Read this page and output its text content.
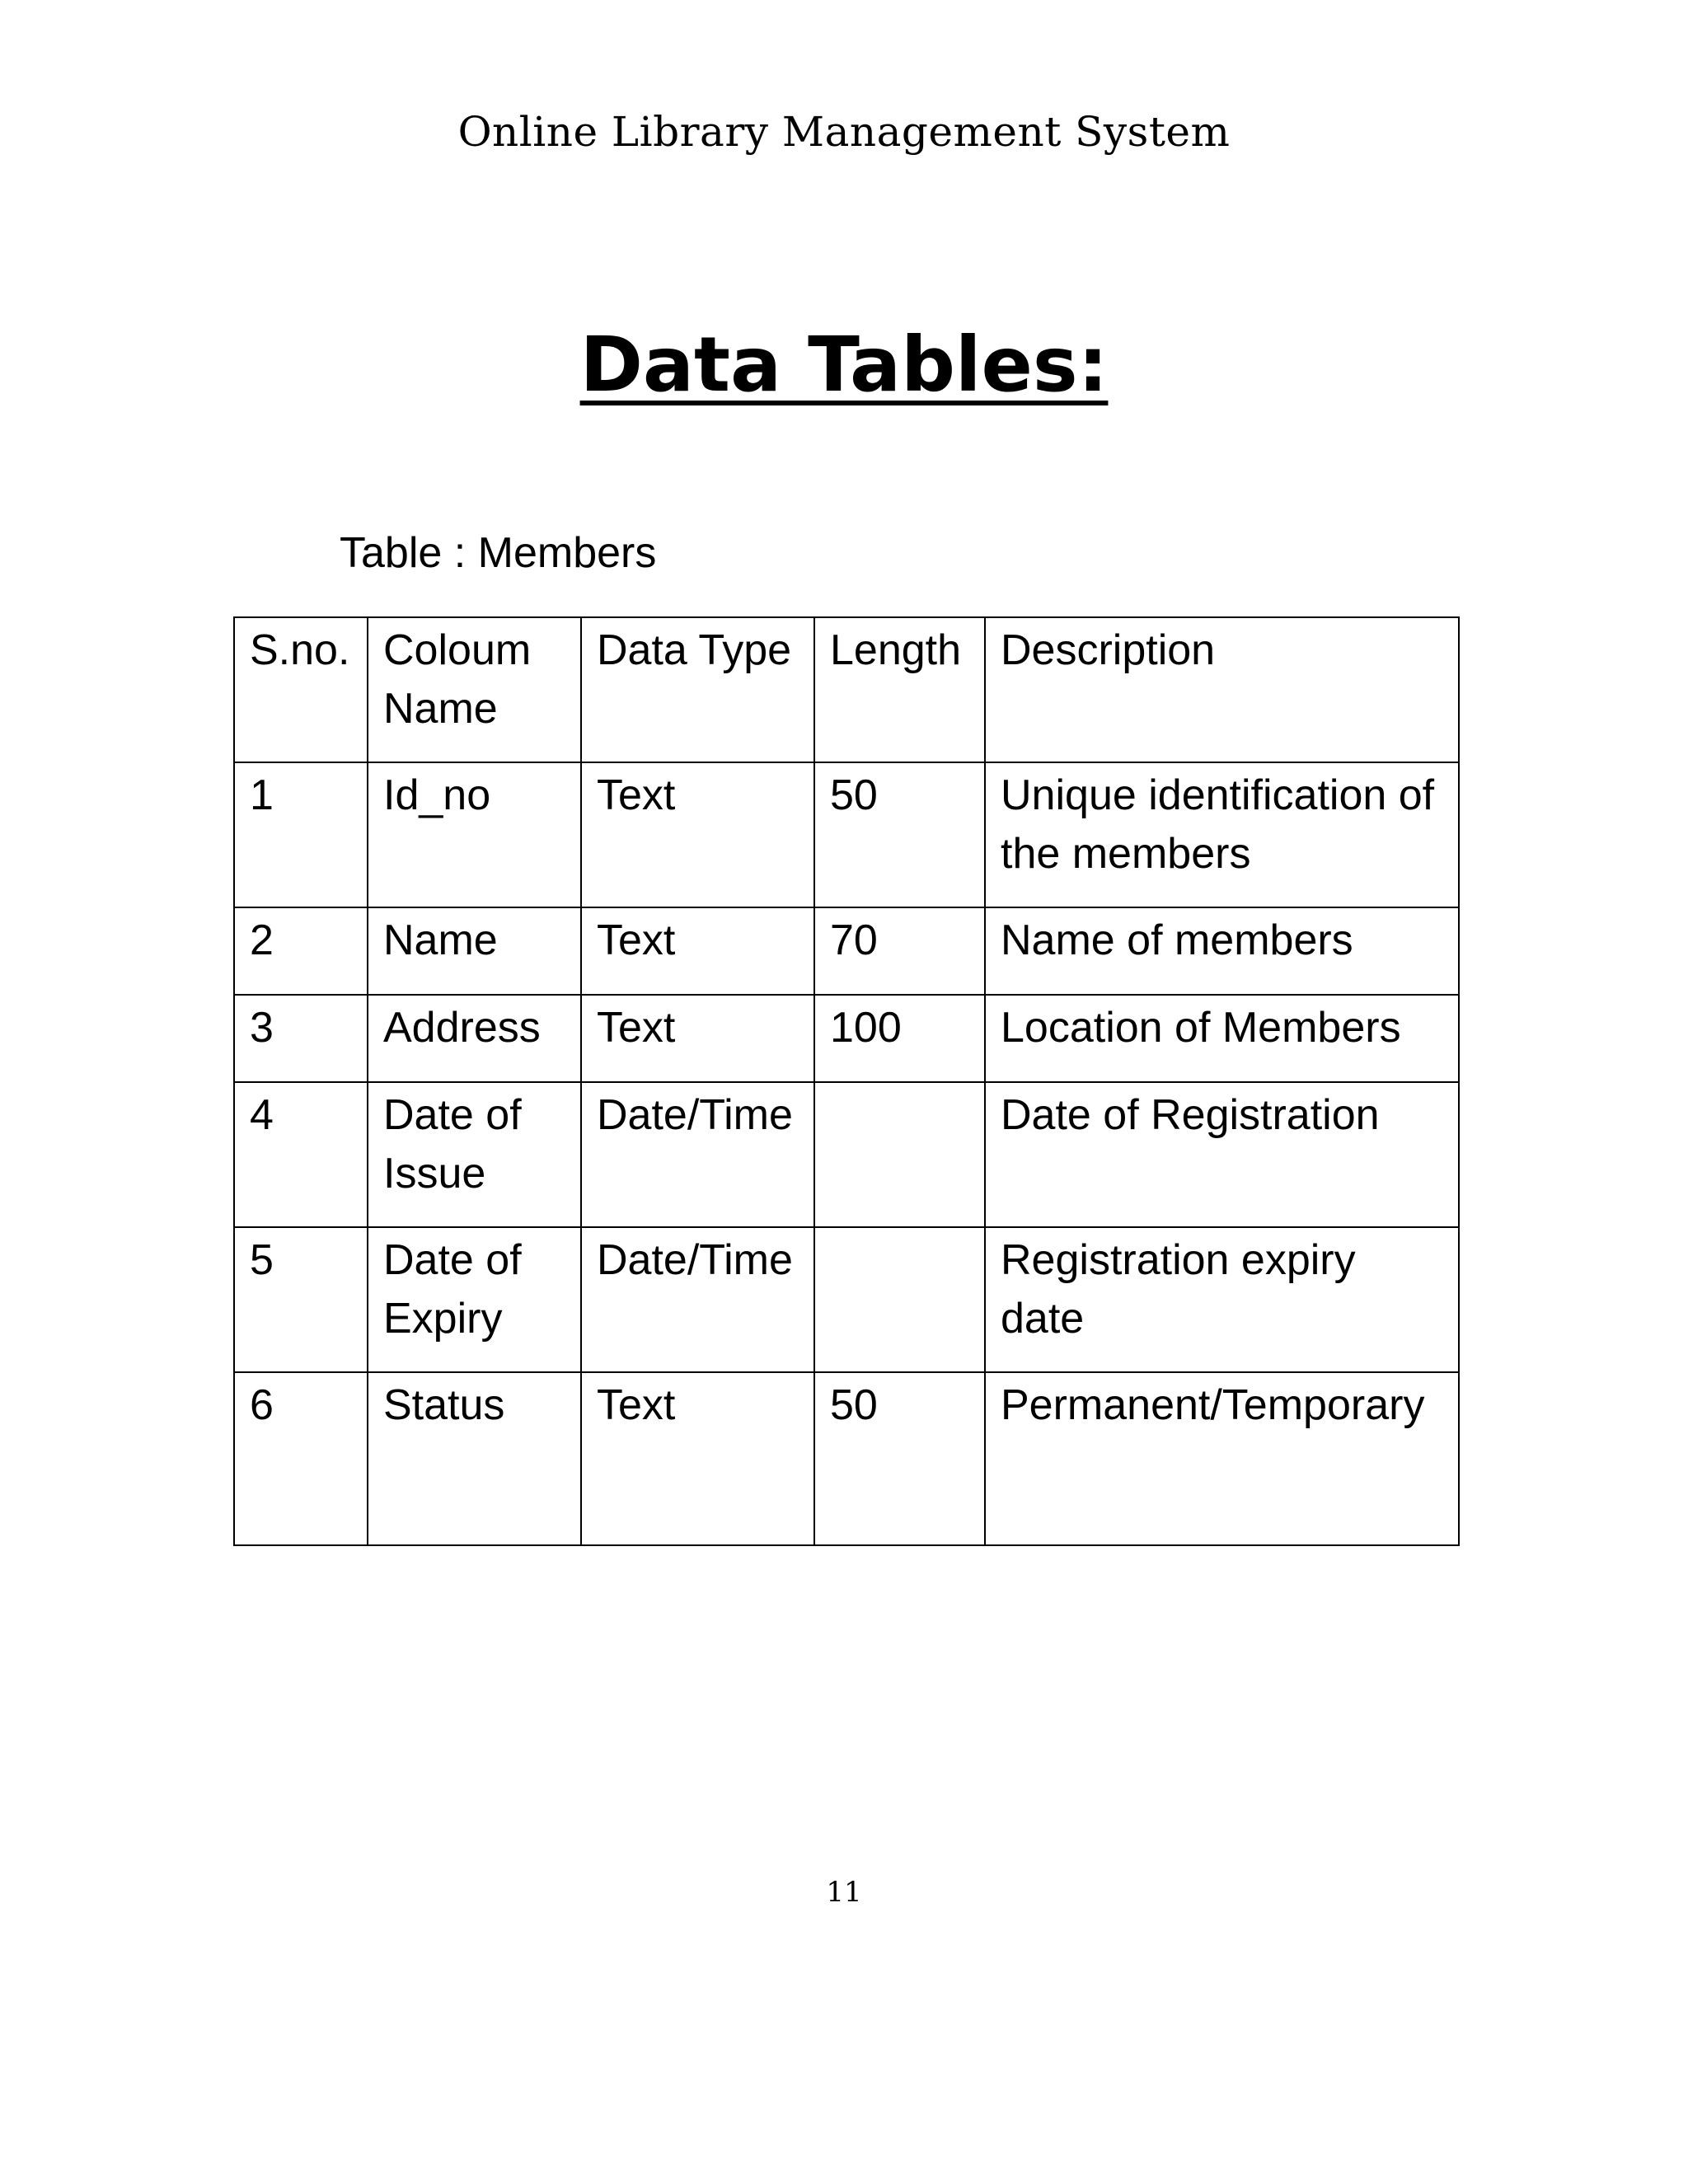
Online Library Management System
Data Tables:
Table : Members
S.no.	Coloum Name	Data Type	Length	Description
1	Id_no	Text	50	Unique identification of the members
2	Name	Text	70	Name of members
3	Address	Text	100	Location of Members
4	Date of Issue	Date/Time		Date of Registration
5	Date of Expiry	Date/Time		Registration expiry date
6	Status	Text	50	Permanent/Temporary
11
